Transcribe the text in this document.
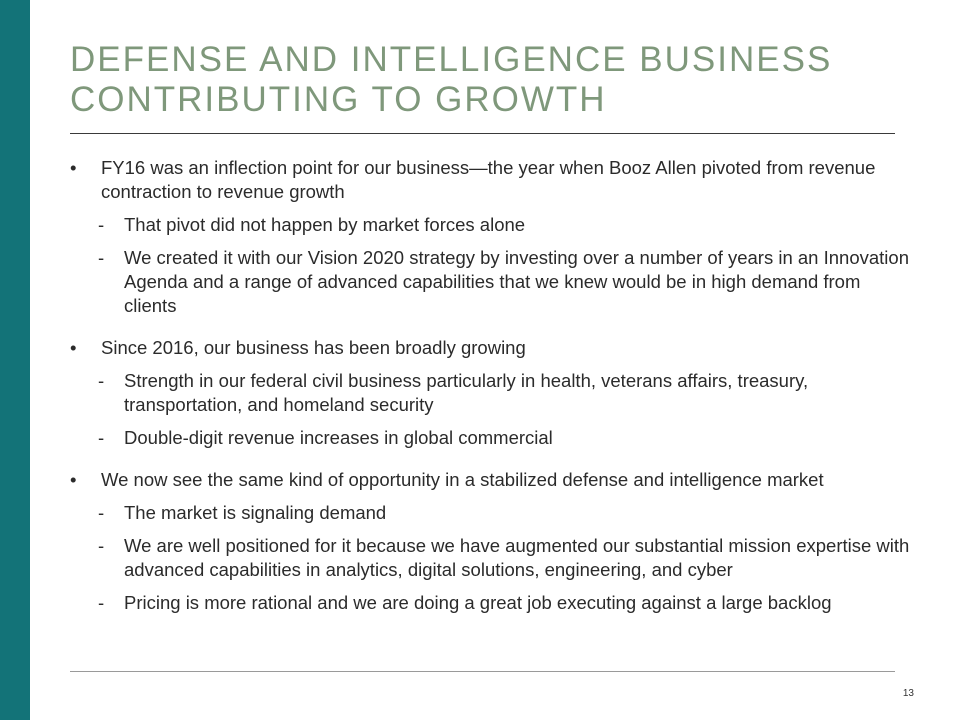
DEFENSE AND INTELLIGENCE BUSINESS
CONTRIBUTING TO GROWTH
•	FY16 was an inflection point for our business—the year when Booz Allen pivoted from revenue contraction to revenue growth
-	That pivot did not happen by market forces alone
-	We created it with our Vision 2020 strategy by investing over a number of years in an Innovation Agenda and a range of advanced capabilities that we knew would be in high demand from clients
•	Since 2016, our business has been broadly growing
-	Strength in our federal civil business particularly in health, veterans affairs, treasury, transportation, and homeland security
-	Double-digit revenue increases in global commercial
•	We now see the same kind of opportunity in a stabilized defense and intelligence market
-	The market is signaling demand
-	We are well positioned for it because we have augmented our substantial mission expertise with advanced capabilities in analytics, digital solutions, engineering, and cyber
-	Pricing is more rational and we are doing a great job executing against a large backlog
13
